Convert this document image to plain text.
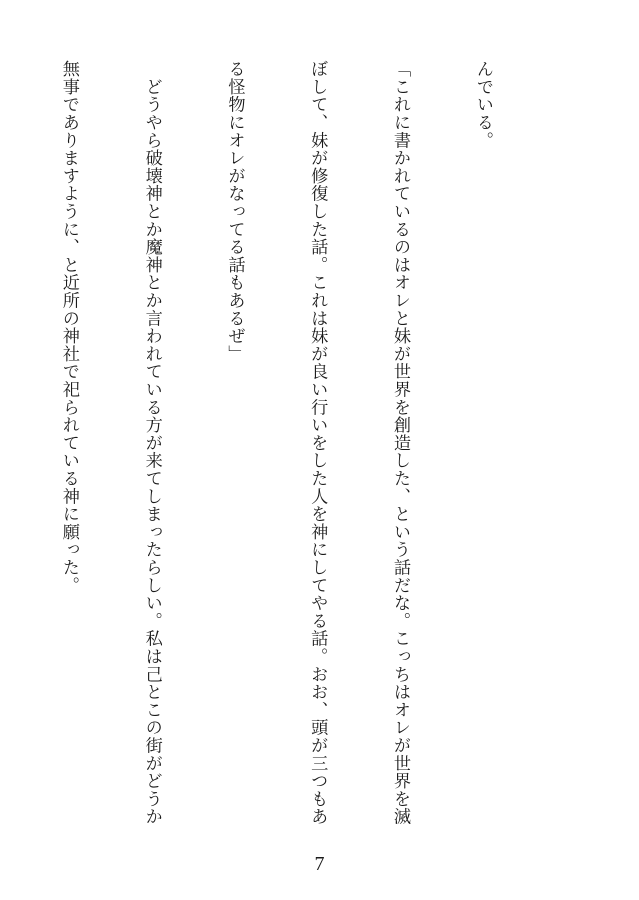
んでいる。

「これに書かれているのはオレと妹が世界を創造した、という話だな。こっちはオレが世界を滅

ぼして、妹が修復した話。これは妹が良い行いをした人を神にしてやる話。おお、頭が三つもあ

る怪物にオレがなってる話もあるぜ」

　どうやら破壊神とか魔神とか言われている方が来てしまったらしい。私は己とこの街がどうか

無事でありますように、と近所の神社で祀られている神に願った。

7
